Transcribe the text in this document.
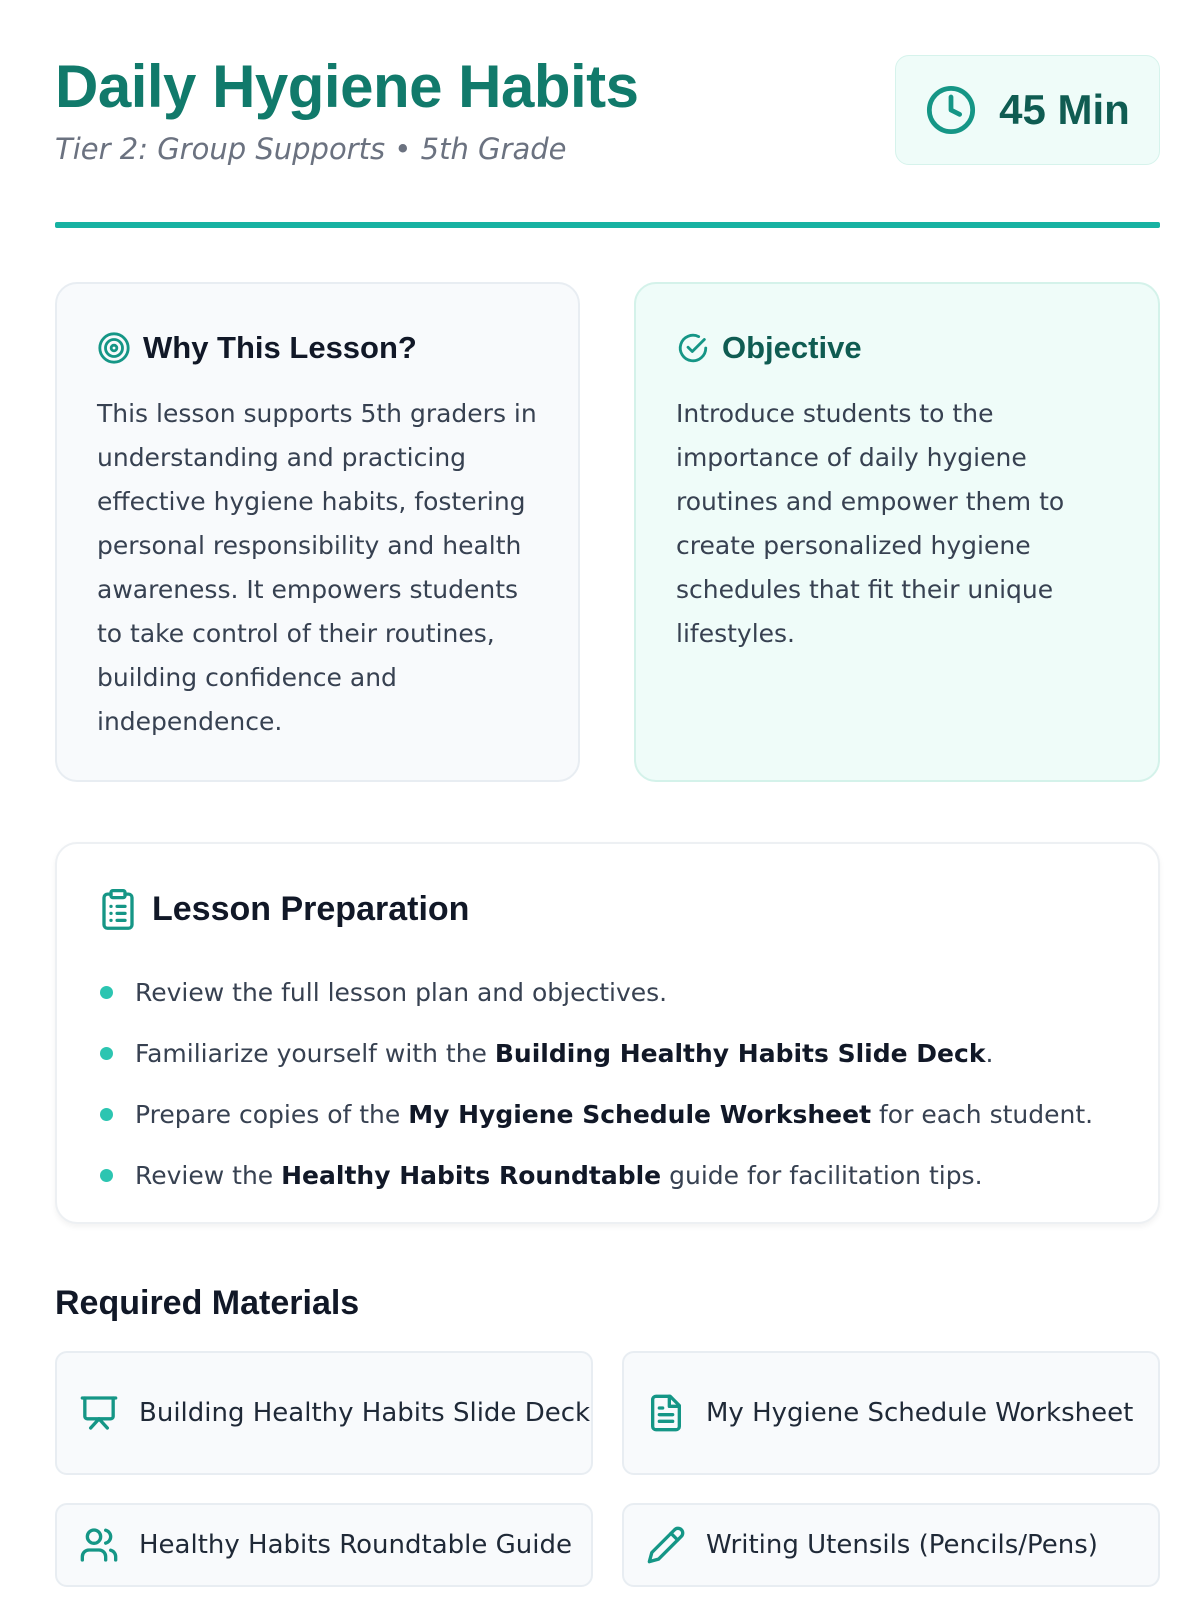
Daily Hygiene Habits
Tier 2: Group Supports • 5th Grade
45 Min
Why This Lesson?

This lesson supports 5th graders in understanding and practicing effective hygiene habits, fostering personal responsibility and health awareness. It empowers students to take control of their routines, building confidence and independence.

Objective

Introduce students to the importance of daily hygiene routines and empower them to create personalized hygiene schedules that fit their unique lifestyles.

Lesson Preparation
Review the full lesson plan and objectives.
Familiarize yourself with the Building Healthy Habits Slide Deck.
Prepare copies of the My Hygiene Schedule Worksheet for each student.
Review the Healthy Habits Roundtable guide for facilitation tips.
Required Materials
Building Healthy Habits Slide Deck	My Hygiene Schedule Worksheet
Healthy Habits Roundtable Guide	Writing Utensils (Pencils/Pens)
